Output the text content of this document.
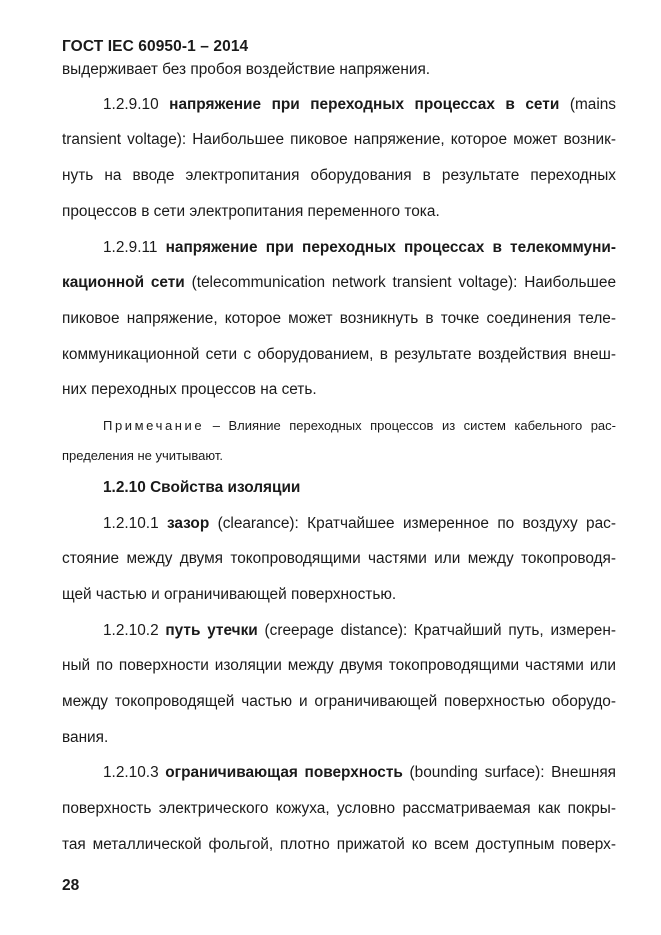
ГОСТ IEC 60950-1 – 2014
выдерживает без пробоя воздействие напряжения.
1.2.9.10 напряжение при переходных процессах в сети (mains
transient voltage): Наибольшее пиковое напряжение, которое может возник-
нуть на вводе электропитания оборудования в результате переходных
процессов в сети электропитания переменного тока.
1.2.9.11 напряжение при переходных процессах в телекоммуни-
кационной сети (telecommunication network transient voltage): Наибольшее
пиковое напряжение, которое может возникнуть в точке соединения теле-
коммуникационной сети с оборудованием, в результате воздействия внеш-
них переходных процессов на сеть.
Примечание – Влияние переходных процессов из систем кабельного рас-
пределения не учитывают.
1.2.10 Свойства изоляции
1.2.10.1 зазор (clearance): Кратчайшее измеренное по воздуху рас-
стояние между двумя токопроводящими частями или между токопроводя-
щей частью и ограничивающей поверхностью.
1.2.10.2 путь утечки (creepage distance): Кратчайший путь, измерен-
ный по поверхности изоляции между двумя токопроводящими частями или
между токопроводящей частью и ограничивающей поверхностью оборудо-
вания.
1.2.10.3 ограничивающая поверхность (bounding surface): Внешняя
поверхность электрического кожуха, условно рассматриваемая как покры-
тая металлической фольгой, плотно прижатой ко всем доступным поверх-
28
